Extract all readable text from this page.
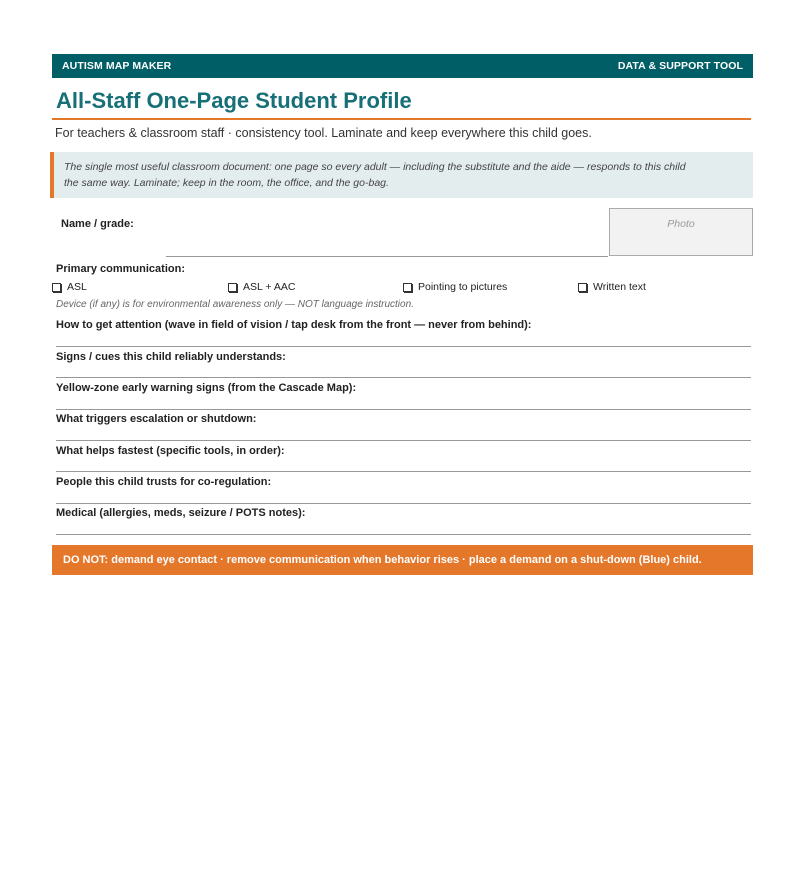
AUTISM MAP MAKER	DATA & SUPPORT TOOL
All-Staff One-Page Student Profile
For teachers & classroom staff · consistency tool. Laminate and keep everywhere this child goes.
The single most useful classroom document: one page so every adult — including the substitute and the aide — responds to this child
the same way. Laminate; keep in the room, the office, and the go-bag.
Name / grade:	Photo
Primary communication:
ASL	ASL + AAC	Pointing to pictures	Written text
Device (if any) is for environmental awareness only — NOT language instruction.
How to get attention (wave in field of vision / tap desk from the front — never from behind):
Signs / cues this child reliably understands:
Yellow-zone early warning signs (from the Cascade Map):
What triggers escalation or shutdown:
What helps fastest (specific tools, in order):
People this child trusts for co-regulation:
Medical (allergies, meds, seizure / POTS notes):
DO NOT: demand eye contact · remove communication when behavior rises · place a demand on a shut-down (Blue) child.
